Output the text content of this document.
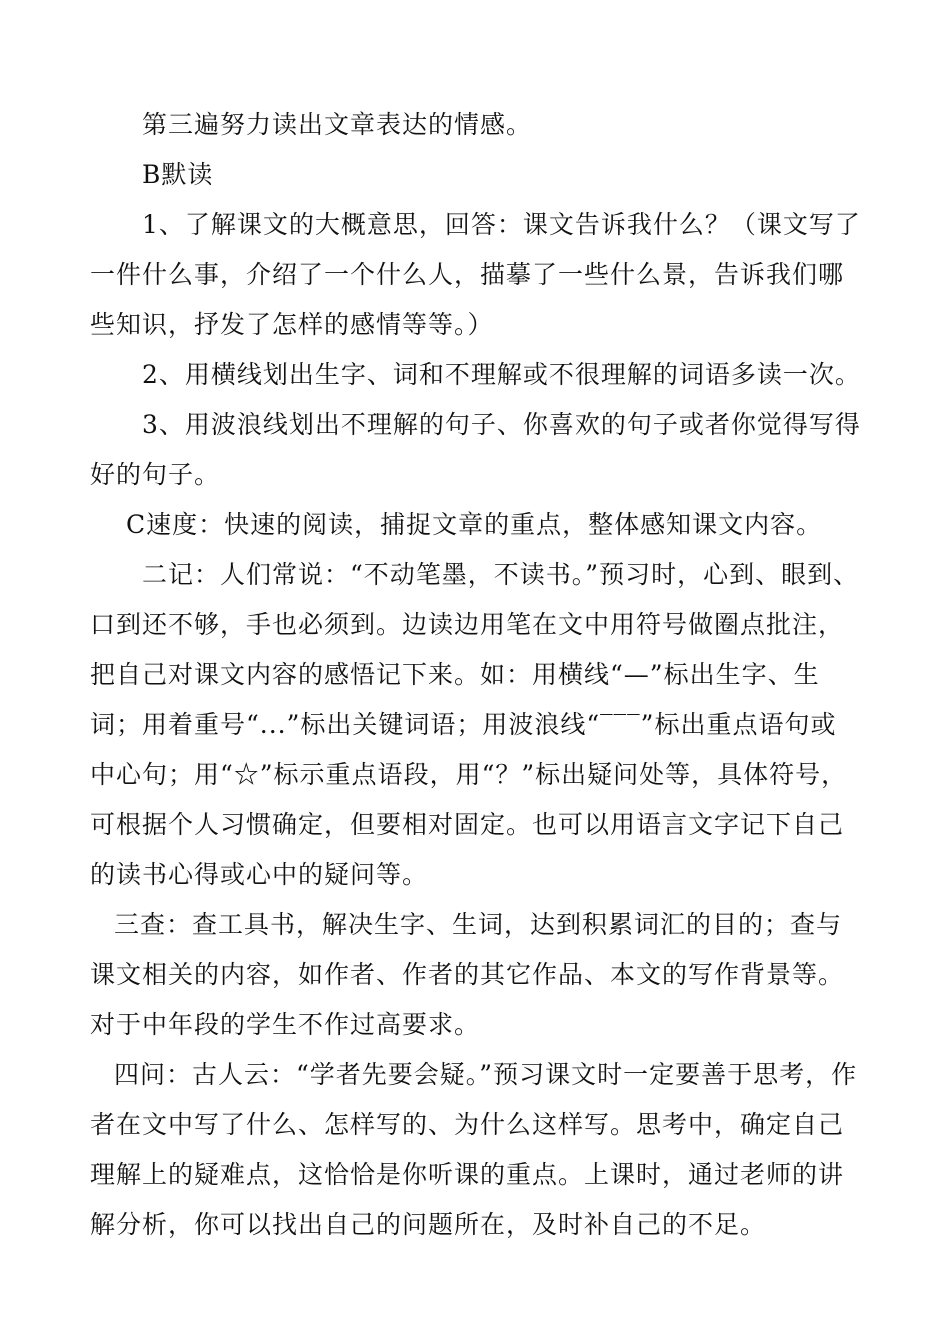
第三遍努力读出文章表达的情感。

B默读

1、了解课文的大概意思，回答：课文告诉我什么？（课文写了一件什么事，介绍了一个什么人，描摹了一些什么景，告诉我们哪些知识，抒发了怎样的感情等等。）

2、用横线划出生字、词和不理解或不很理解的词语多读一次。

3、用波浪线划出不理解的句子、你喜欢的句子或者你觉得写得好的句子。

C速度：快速的阅读，捕捉文章的重点，整体感知课文内容。

二记：人们常说：“不动笔墨，不读书。”预习时，心到、眼到、口到还不够，手也必须到。边读边用笔在文中用符号做圈点批注，把自己对课文内容的感悟记下来。如：用横线“—”标出生字、生词；用着重号“...”标出关键词语；用波浪线“‾‾‾”标出重点语句或中心句；用“☆”标示重点语段，用“？”标出疑问处等，具体符号，可根据个人习惯确定，但要相对固定。也可以用语言文字记下自己的读书心得或心中的疑问等。

三查：查工具书，解决生字、生词，达到积累词汇的目的；查与课文相关的内容，如作者、作者的其它作品、本文的写作背景等。对于中年段的学生不作过高要求。

四问：古人云：“学者先要会疑。”预习课文时一定要善于思考，作者在文中写了什么、怎样写的、为什么这样写。思考中，确定自己理解上的疑难点，这恰恰是你听课的重点。上课时，通过老师的讲解分析，你可以找出自己的问题所在，及时补自己的不足。
